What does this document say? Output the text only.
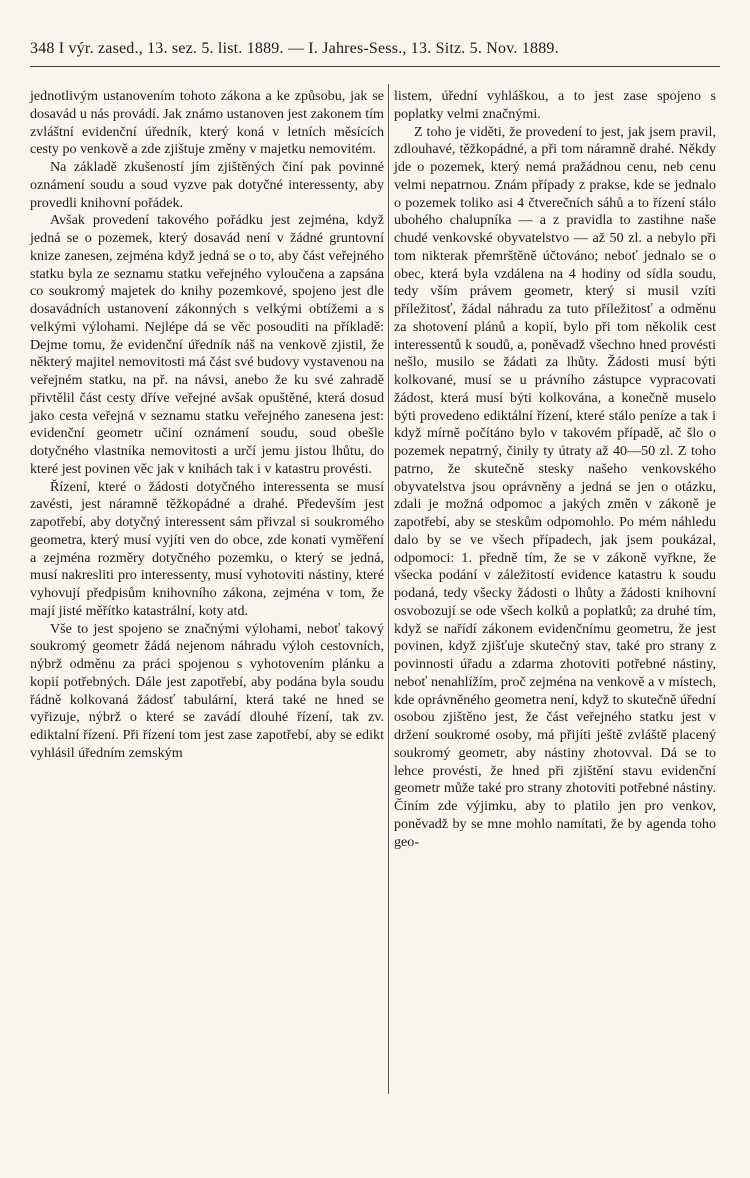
348 I výr. zased., 13. sez. 5. list. 1889. — I. Jahres-Sess., 13. Sitz. 5. Nov. 1889.

jednotlivým ustanovením tohoto zákona a ke způsobu, jak se dosavád u nás provádí. Jak známo ustanoven jest zakonem tím zvláštní evidenční úředník, který koná v letních měsících cesty po venkově a zde zjištuje změny v majetku nemovitém.

Na základě zkušeností jím zjištěných činí pak povinné oznámení soudu a soud vyzve pak dotyčné interessenty, aby provedli knihovní pořádek.

Avšak provedení takového pořádku jest zejména, když jedná se o pozemek, který dosavád není v žádné gruntovní knize zanesen, zejména když jedná se o to, aby část veřejného statku byla ze seznamu statku veřejného vyloučena a zapsána co soukromý majetek do knihy pozemkové, spojeno jest dle dosavádních ustanovení zákonných s velkými obtížemi a s velkými výlohami. Nejlépe dá se věc posouditi na příkladě: Dejme tomu, že evidenční úředník náš na venkově zjistil, že některý majitel nemovitosti má část své budovy vystavenou na veřejném statku, na př. na návsi, anebo že ku své zahradě přivtělil část cesty dříve veřejné avšak opuštěné, která dosud jako cesta veřejná v seznamu statku veřejného zanesena jest: evidenční geometr učiní oznámení soudu, soud obešle dotyčného vlastníka nemovitosti a určí jemu jistou lhůtu, do které jest povinen věc jak v knihách tak i v katastru provésti.

Řízení, které o žádosti dotyčného interessenta se musí zavésti, jest náramně těžkopádné a drahé. Především jest zapotřebí, aby dotyčný interessent sám přivzal si soukromého geometra, který musí vyjíti ven do obce, zde konati vyměření a zejména rozměry dotyčného pozemku, o který se jedná, musí nakresliti pro interessenty, musí vyhotoviti nástiny, které vyhovují předpisům knihovního zákona, zejména v tom, že mají jisté měřítko katastrální, koty atd.

Vše to jest spojeno se značnými výlohami, neboť takový soukromý geometr žádá nejenom náhradu výloh cestovních, nýbrž odměnu za práci spojenou s vyhotovením plánku a kopií potřebných. Dále jest zapotřebí, aby podána byla soudu řádně kolkovaná žádosť tabulární, která také ne hned se vyřizuje, nýbrž o které se zavádí dlouhé řízení, tak zv. ediktalní řízení. Při řízení tom jest zase zapotřebí, aby se edikt vyhlásil úředním zemským

listem, úřední vyhláškou, a to jest zase spojeno s poplatky velmi značnými.

Z toho je viděti, že provedení to jest, jak jsem pravil, zdlouhavé, těžkopádné, a při tom náramně drahé. Někdy jde o pozemek, který nemá pražádnou cenu, neb cenu velmi nepatrnou. Znám případy z prakse, kde se jednalo o pozemek toliko asi 4 čtverečních sáhů a to řízení stálo ubohého chalupníka — a z pravidla to zastihne naše chudé venkovské obyvatelstvo — až 50 zl. a nebylo při tom nikterak přemrštěně účtováno; neboť jednalo se o obec, která byla vzdálena na 4 hodiny od sídla soudu, tedy vším právem geometr, který si musil vzíti příležitosť, žádal náhradu za tuto příležitosť a odměnu za shotovení plánů a kopií, bylo při tom několik cest interessentů k soudů, a, poněvadž všechno hned provésti nešlo, musilo se žádati za lhůty. Žádosti musí býti kolkované, musí se u právního zástupce vypracovati žádost, která musí býti kolkována, a konečně muselo býti provedeno ediktální řízení, které stálo peníze a tak i když mírně počítáno bylo v takovém případě, ač šlo o pozemek nepatrný, činily ty útraty až 40—50 zl. Z toho patrno, že skutečně stesky našeho venkovského obyvatelstva jsou oprávněny a jedná se jen o otázku, zdali je možná odpomoc a jakých změn v zákoně je zapotřebí, aby se steskům odpomohlo. Po mém náhledu dalo by se ve všech případech, jak jsem poukázal, odpomoci: 1. předně tím, že se v zákoně vyřkne, že všecka podání v záležitostí evidence katastru k soudu podaná, tedy všecky žádosti o lhůty a žádosti knihovní osvobozují se ode všech kolků a poplatků; za druhé tím, když se nařídí zákonem evidenčnímu geometru, že jest povinen, když zjišťuje skutečný stav, také pro strany z povinnosti úřadu a zdarma zhotoviti potřebné nástiny, neboť nenahlížím, proč zejména na venkově a v místech, kde oprávněného geometra není, když to skutečně úřední osobou zjištěno jest, že část veřejného statku jest v držení soukromé osoby, má přijíti ještě zvláště placený soukromý geometr, aby nástiny zhotovval. Dá se to lehce provésti, že hned při zjištění stavu evidenční geometr může také pro strany zhotoviti potřebné nástiny. Činím zde výjimku, aby to platilo jen pro venkov, poněvadž by se mne mohlo namítati, že by agenda toho geo-
